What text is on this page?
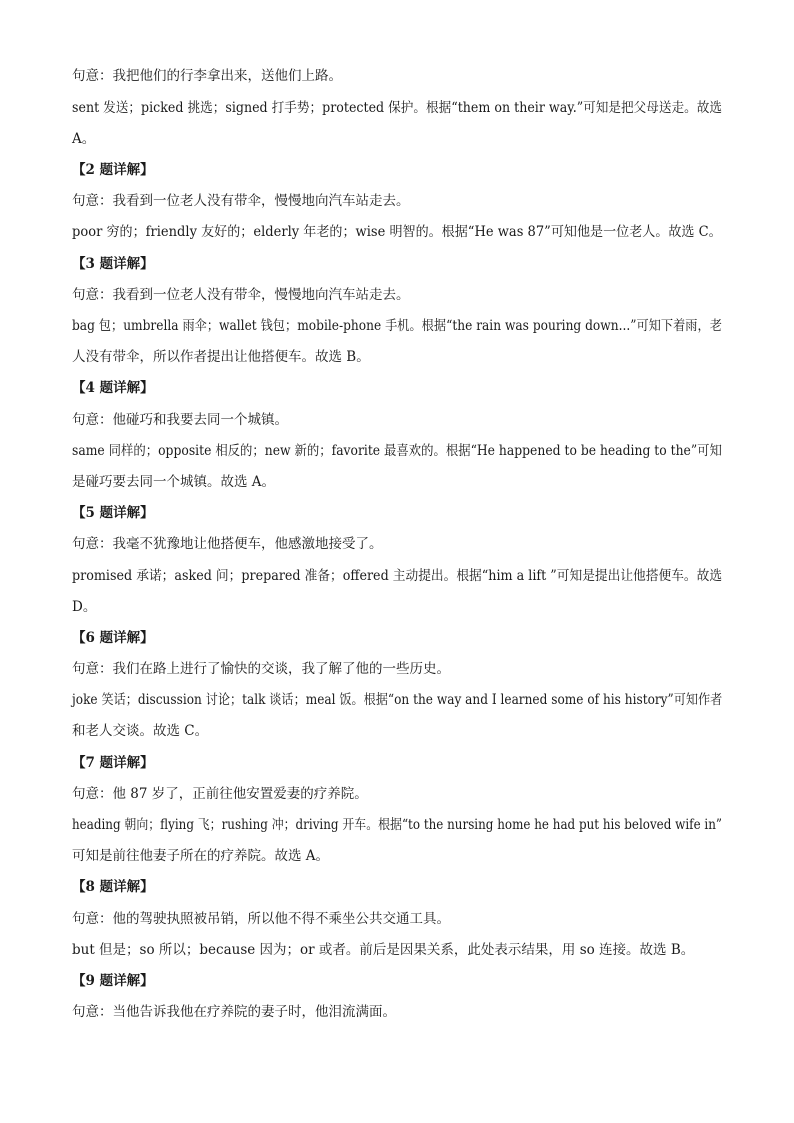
句意：我把他们的行李拿出来，送他们上路。
sent 发送；picked 挑选；signed 打手势；protected 保护。根据“them on their way.”可知是把父母送走。故选
A。
【2 题详解】
句意：我看到一位老人没有带伞，慢慢地向汽车站走去。
poor 穷的；friendly 友好的；elderly 年老的；wise 明智的。根据“He was 87”可知他是一位老人。故选 C。
【3 题详解】
句意：我看到一位老人没有带伞，慢慢地向汽车站走去。
bag 包；umbrella 雨伞；wallet 钱包；mobile-phone 手机。根据“the rain was pouring down...”可知下着雨，老
人没有带伞，所以作者提出让他搭便车。故选 B。
【4 题详解】
句意：他碰巧和我要去同一个城镇。
same 同样的；opposite 相反的；new 新的；favorite 最喜欢的。根据“He happened to be heading to the”可知
是碰巧要去同一个城镇。故选 A。
【5 题详解】
句意：我毫不犹豫地让他搭便车，他感激地接受了。
promised 承诺；asked 问；prepared 准备；offered 主动提出。根据“him a lift ”可知是提出让他搭便车。故选
D。
【6 题详解】
句意：我们在路上进行了愉快的交谈，我了解了他的一些历史。
joke 笑话；discussion 讨论；talk 谈话；meal 饭。根据“on the way and I learned some of his history”可知作者
和老人交谈。故选 C。
【7 题详解】
句意：他 87 岁了，正前往他安置爱妻的疗养院。
heading 朝向；flying 飞；rushing 冲；driving 开车。根据“to the nursing home he had put his beloved wife in”
可知是前往他妻子所在的疗养院。故选 A。
【8 题详解】
句意：他的驾驶执照被吊销，所以他不得不乘坐公共交通工具。
but 但是；so 所以；because 因为；or 或者。前后是因果关系，此处表示结果，用 so 连接。故选 B。
【9 题详解】
句意：当他告诉我他在疗养院的妻子时，他泪流满面。
